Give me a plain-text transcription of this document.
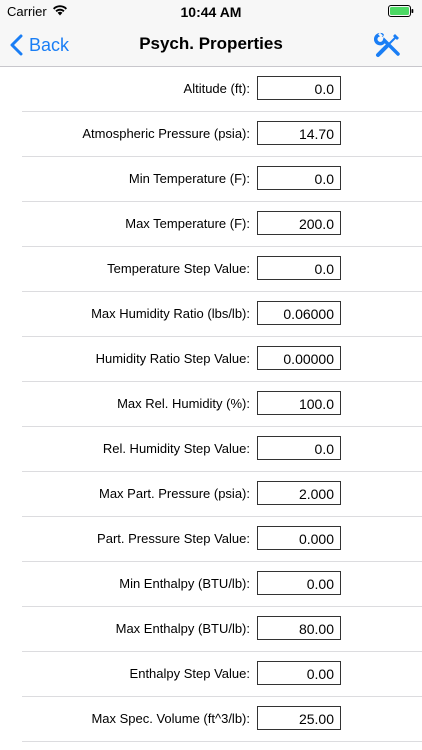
Carrier	10:44 AM
Back	Psych. Properties
Altitude (ft):	0.0
Atmospheric Pressure (psia):	14.70
Min Temperature (F):	0.0
Max Temperature (F):	200.0
Temperature Step Value:	0.0
Max Humidity Ratio (lbs/lb):	0.06000
Humidity Ratio Step Value:	0.00000
Max Rel. Humidity (%):	100.0
Rel. Humidity Step Value:	0.0
Max Part. Pressure (psia):	2.000
Part. Pressure Step Value:	0.000
Min Enthalpy (BTU/lb):	0.00
Max Enthalpy (BTU/lb):	80.00
Enthalpy Step Value:	0.00
Max Spec. Volume (ft^3/lb):	25.00
